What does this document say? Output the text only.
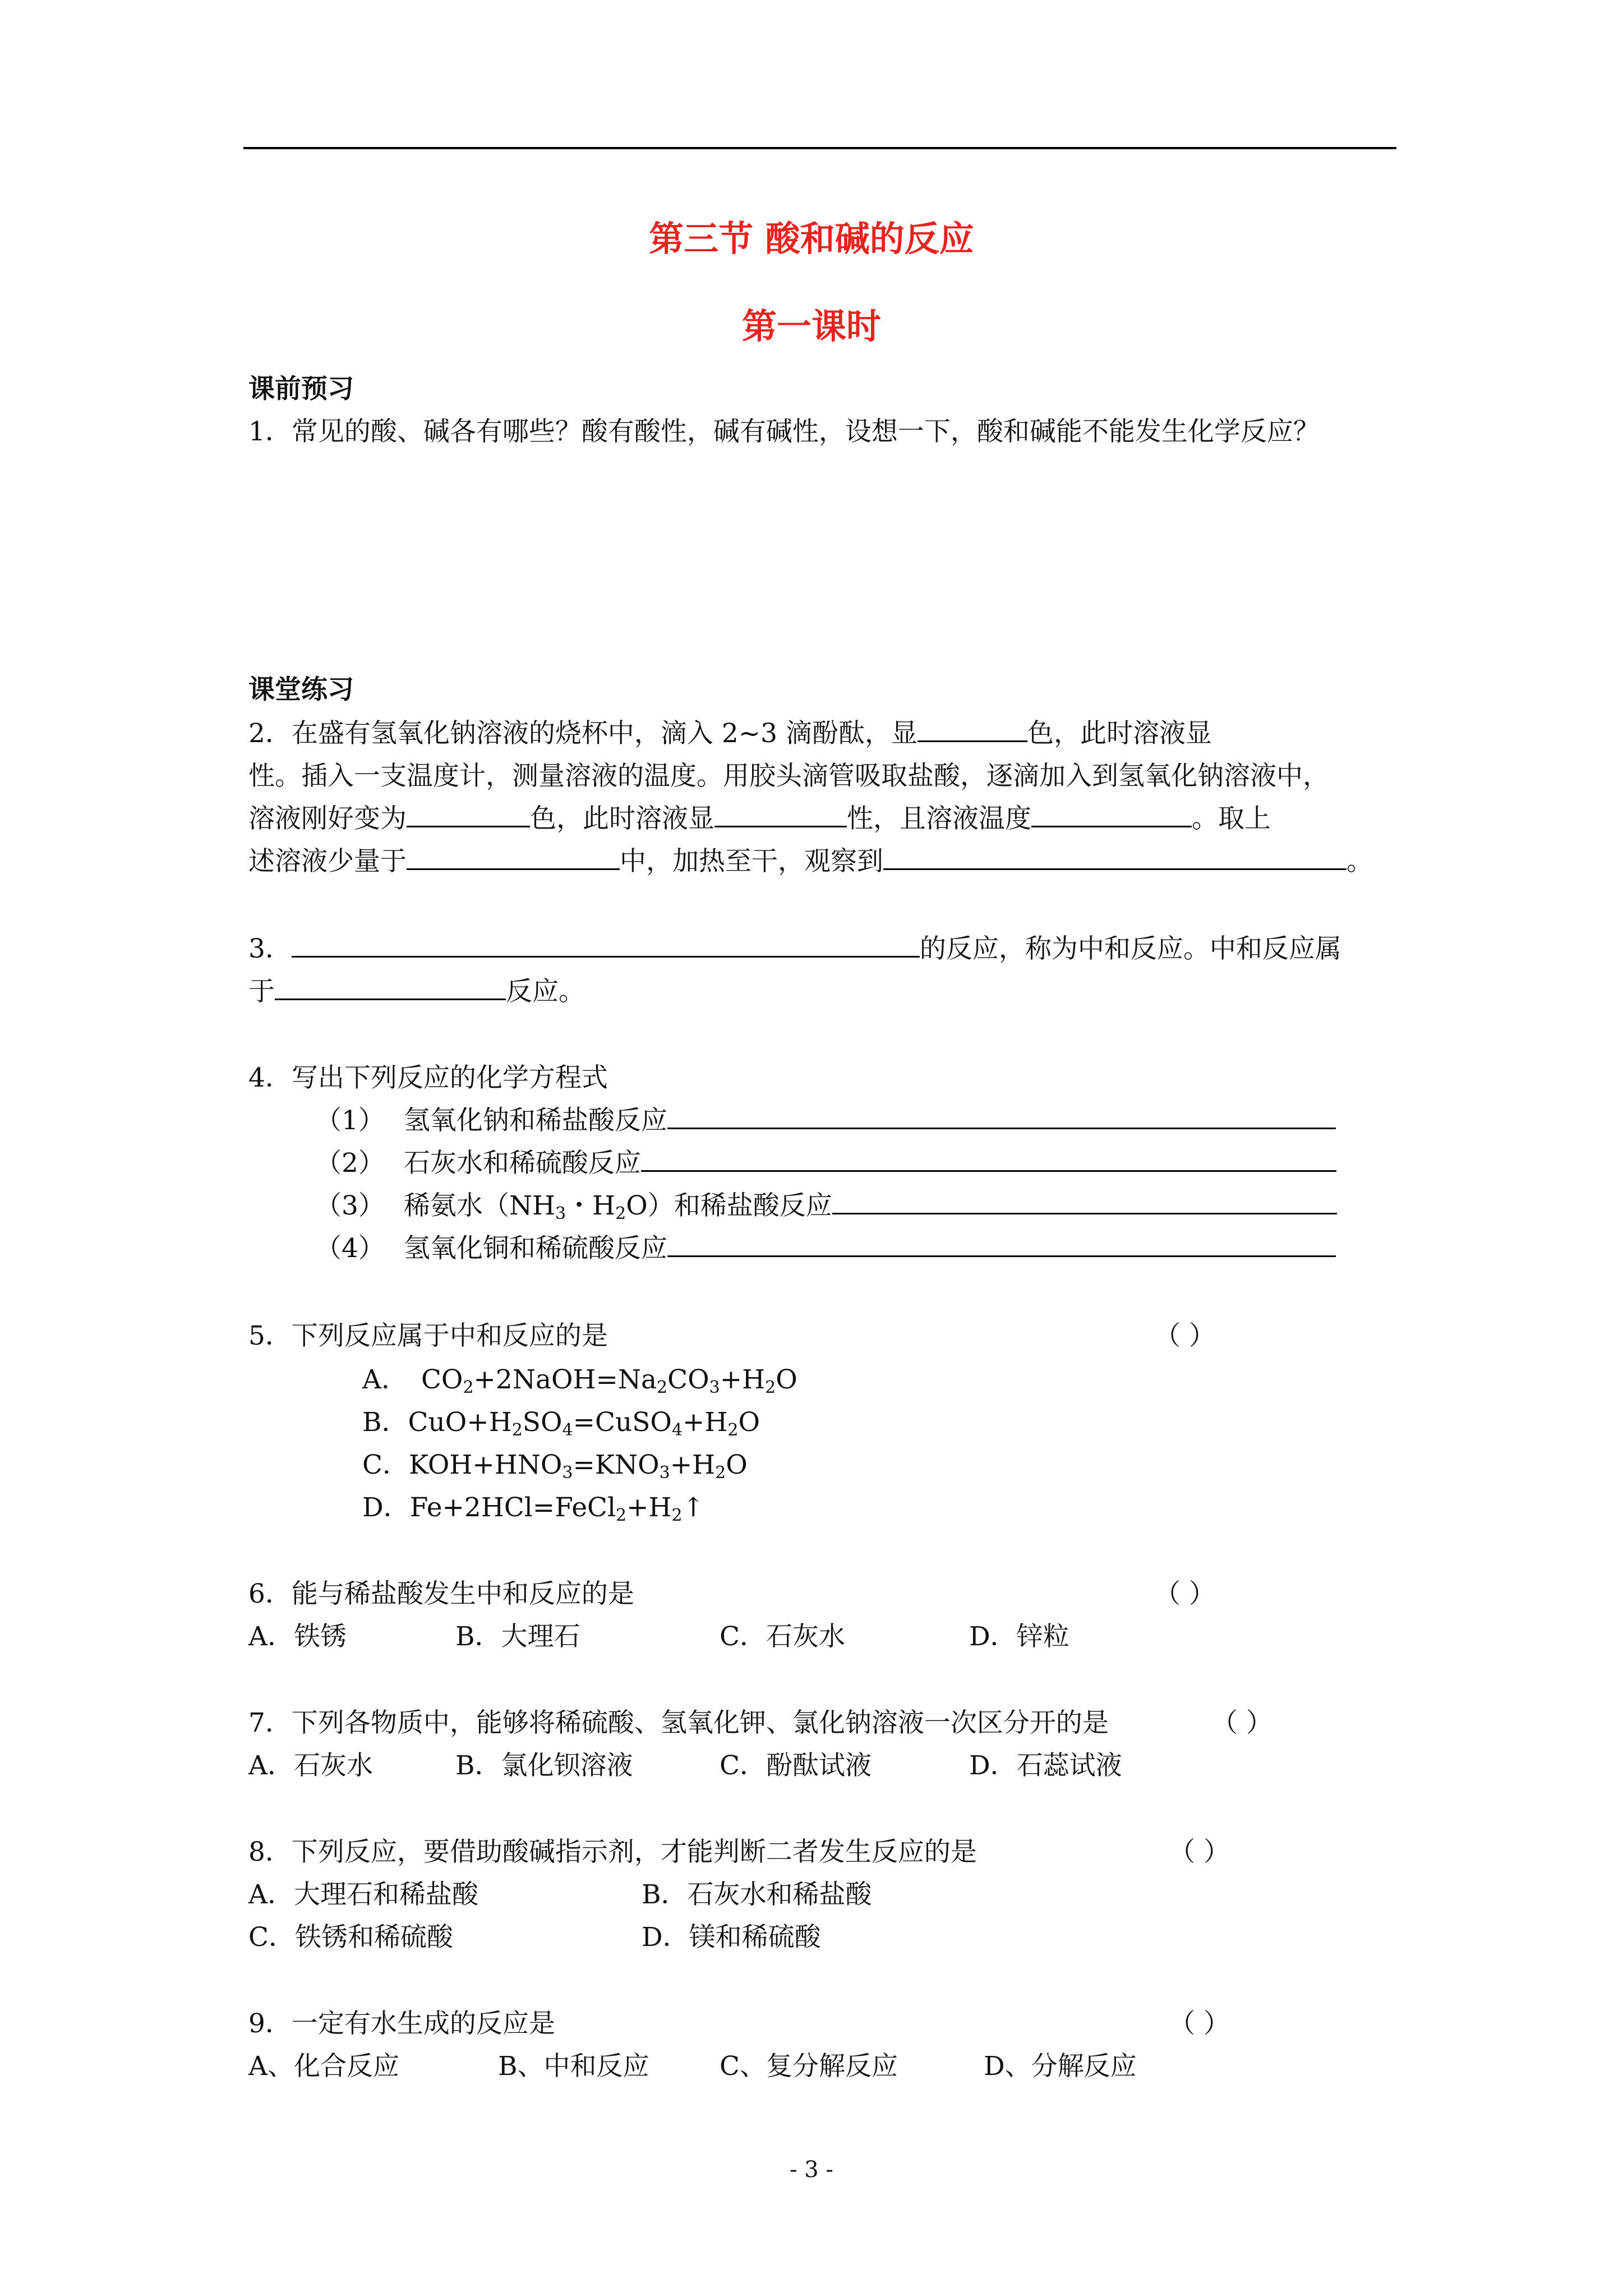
第三节 酸和碱的反应
第一课时
课前预习
1．常见的酸、碱各有哪些？酸有酸性，碱有碱性，设想一下，酸和碱能不能发生化学反应？
课堂练习
2．在盛有氢氧化钠溶液的烧杯中，滴入 2~3 滴酚酞，显	色，此时溶液显
性。插入一支温度计，测量溶液的温度。用胶头滴管吸取盐酸，逐滴加入到氢氧化钠溶液中，
溶液刚好变为	色，此时溶液显	性，且溶液温度	。取上
述溶液少量于	中，加热至干，观察到	。
3．	的反应，称为中和反应。中和反应属
于	反应。
4．写出下列反应的化学方程式
（1） 氢氧化钠和稀盐酸反应
（2） 石灰水和稀硫酸反应
（3） 稀氨水（$NH_3$・$H_2O$）和稀盐酸反应
（4） 氢氧化铜和稀硫酸反应
5．下列反应属于中和反应的是	（ ）
A． $CO_2+2NaOH=Na_2CO_3+H_2O$
B．$CuO+H_2SO_4=CuSO_4+H_2O$
C．$KOH+HNO_3=KNO_3+H_2O$
D．$Fe+2HCl=FeCl_2+H_2↑$
6．能与稀盐酸发生中和反应的是	（ ）
A．铁锈	B．大理石	C．石灰水	D．锌粒
7．下列各物质中，能够将稀硫酸、氢氧化钾、氯化钠溶液一次区分开的是	（ ）
A．石灰水	B．氯化钡溶液	C．酚酞试液	D．石蕊试液
8．下列反应，要借助酸碱指示剂，才能判断二者发生反应的是	（ ）
A．大理石和稀盐酸	B．石灰水和稀盐酸
C．铁锈和稀硫酸	D．镁和稀硫酸
9．一定有水生成的反应是	（ ）
A、化合反应	B、中和反应	C、复分解反应	D、分解反应
- 3 -
